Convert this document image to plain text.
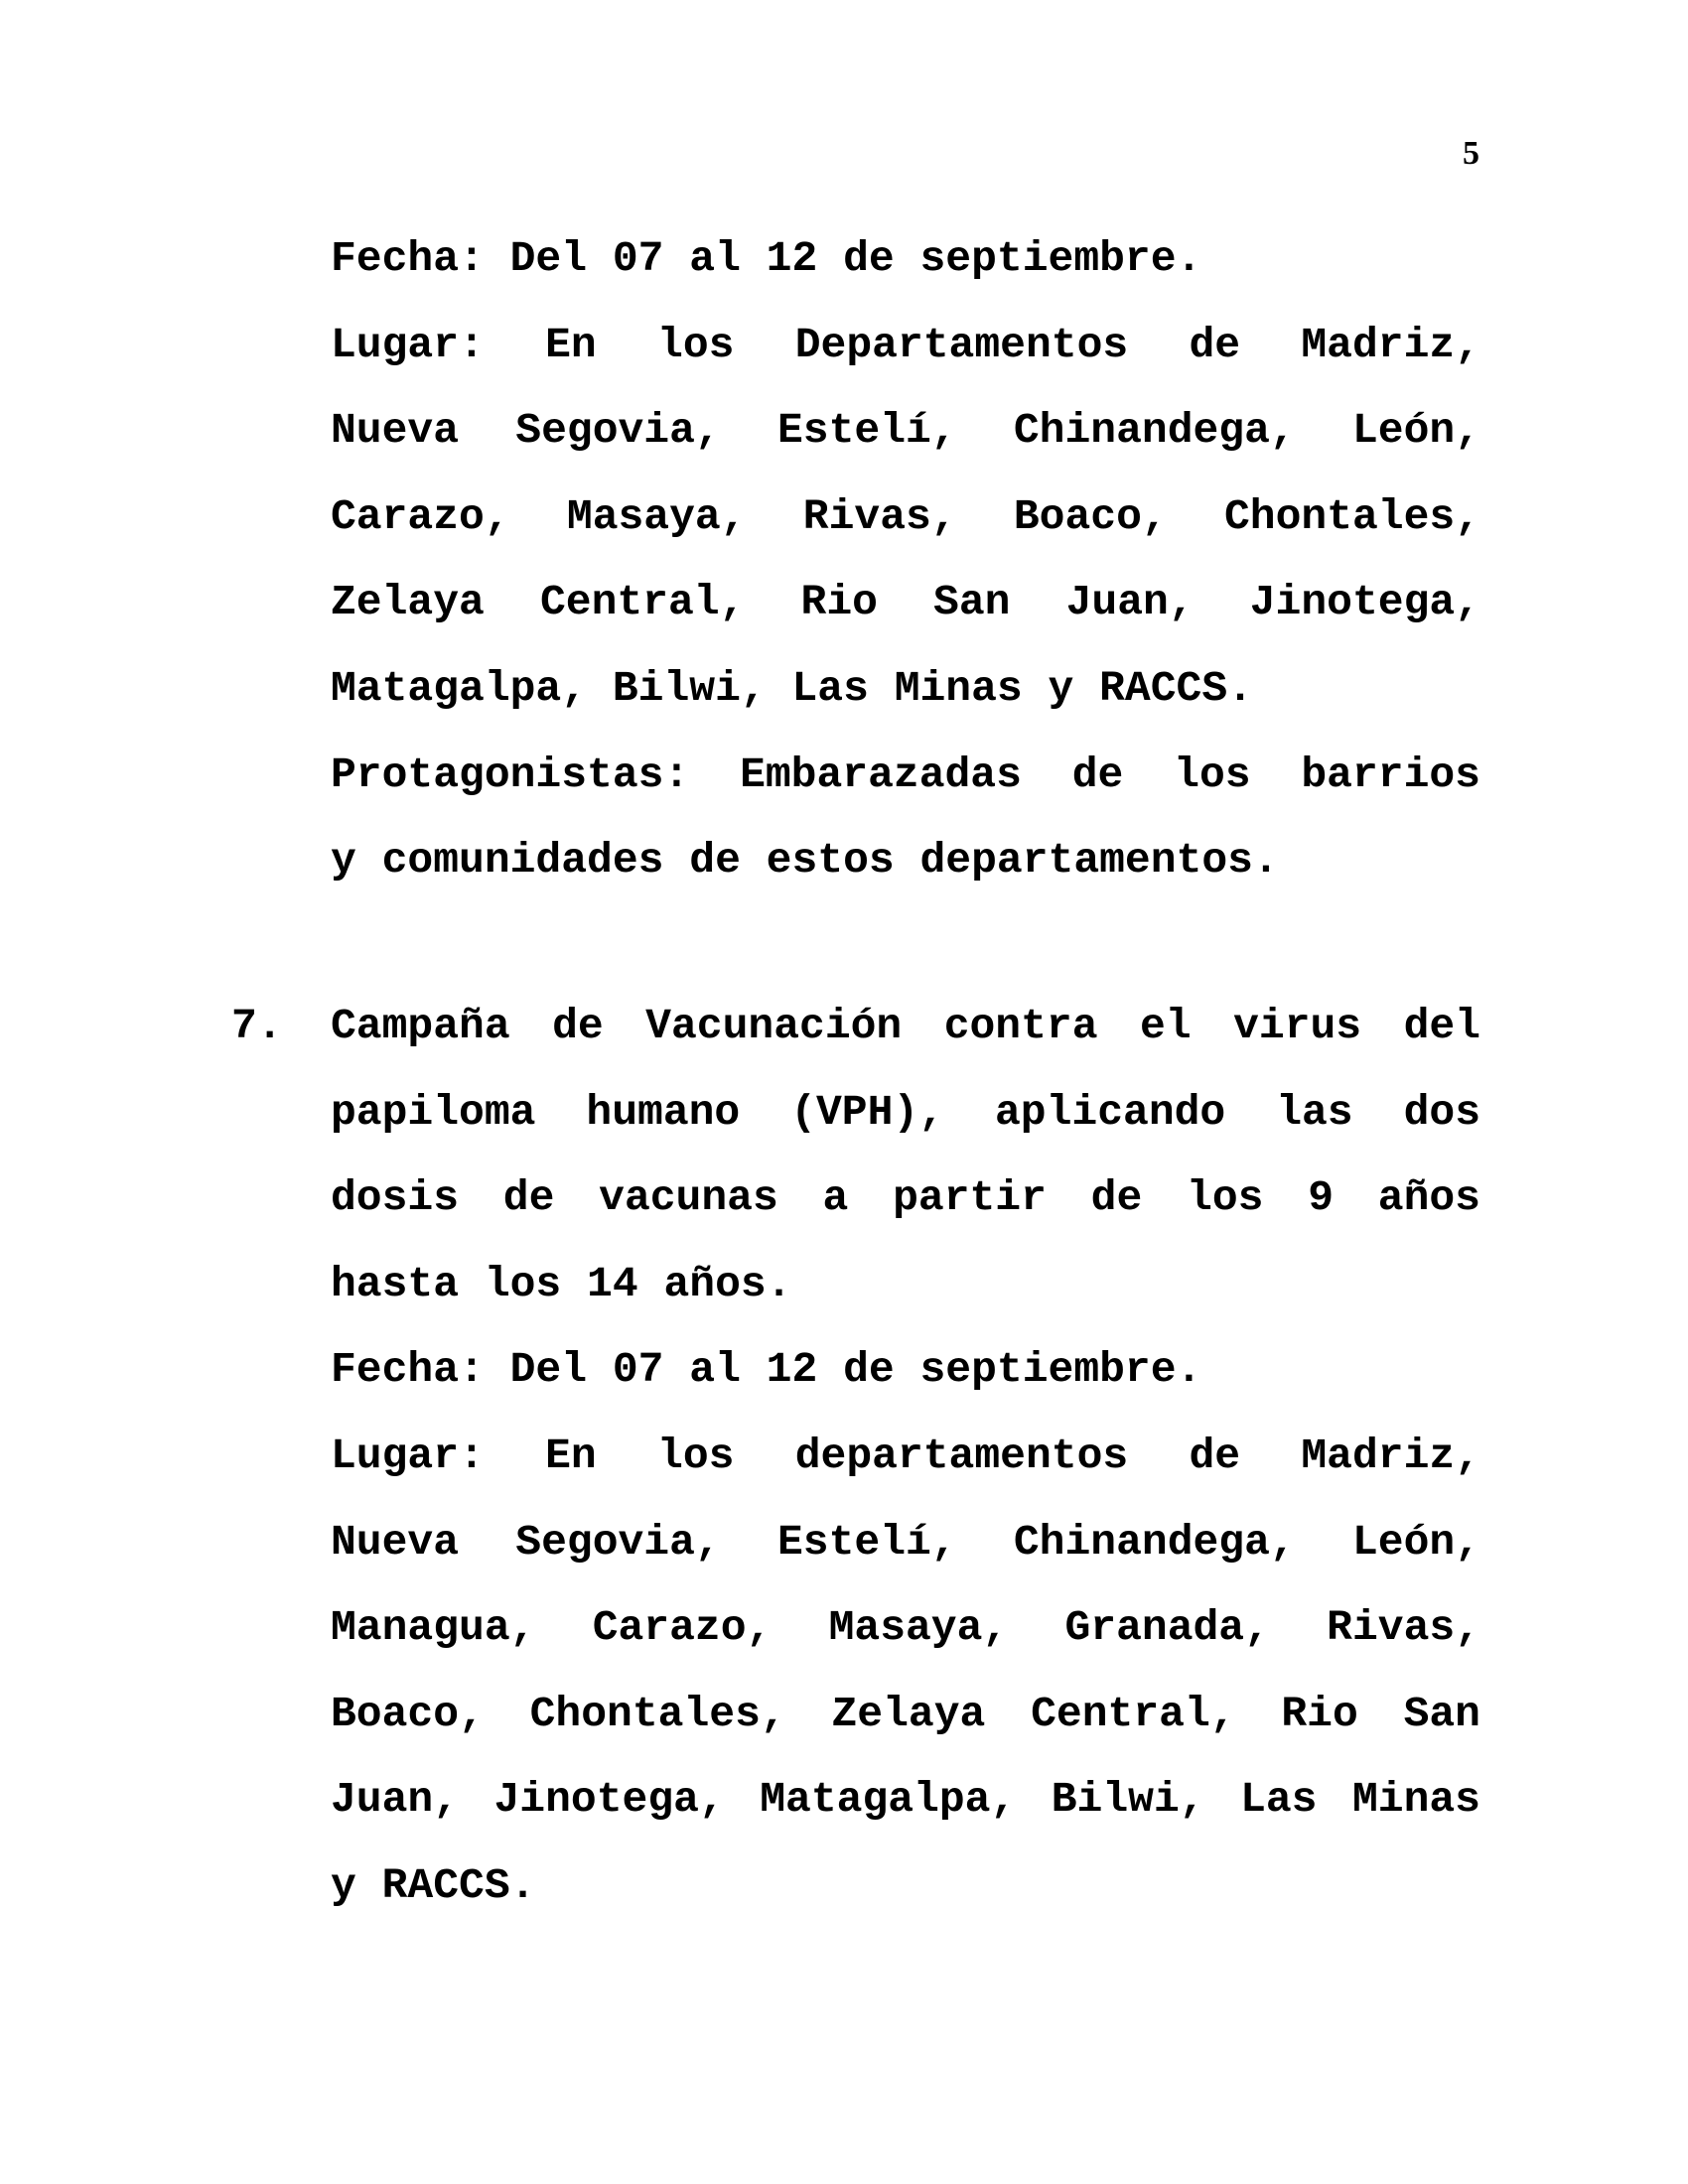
5
Fecha: Del 07 al 12 de septiembre.
Lugar: En los Departamentos de Madriz,
Nueva Segovia, Estelí, Chinandega, León,
Carazo, Masaya, Rivas, Boaco, Chontales,
Zelaya Central, Rio San Juan, Jinotega,
Matagalpa, Bilwi, Las Minas y RACCS.
Protagonistas: Embarazadas de los barrios
y comunidades de estos departamentos.
7. Campaña de Vacunación contra el virus del
papiloma humano (VPH), aplicando las dos
dosis de vacunas a partir de los 9 años
hasta los 14 años.
Fecha: Del 07 al 12 de septiembre.
Lugar: En los departamentos de Madriz,
Nueva Segovia, Estelí, Chinandega, León,
Managua, Carazo, Masaya, Granada, Rivas,
Boaco, Chontales, Zelaya Central, Rio San
Juan, Jinotega, Matagalpa, Bilwi, Las Minas
y RACCS.
